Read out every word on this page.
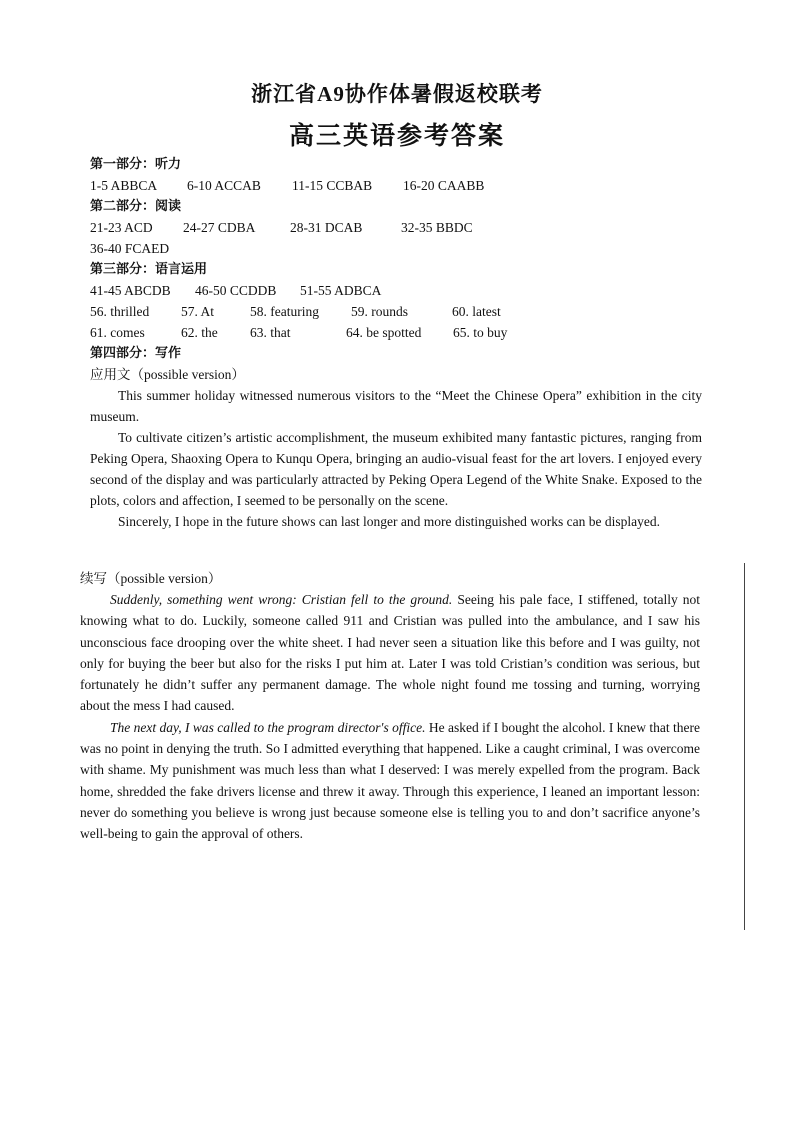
浙江省A9协作体暑假返校联考
高三英语参考答案
第一部分：听力
1-5 ABBCA 6-10 ACCAB 11-15 CCBAB 16-20 CAABB
第二部分：阅读
21-23 ACD 24-27 CDBA	28-31 DCAB	32-35 BBDC
36-40 FCAED
第三部分：语言运用
41-45 ABCDB 46-50 CCDDB 51-55 ADBCA
56. thrilled 57. At	58. featuring 59. rounds	60. latest
61. comes	62. the 63. that	64. be spotted 65. to buy
第四部分：写作
应用文（possible version）

This summer holiday witnessed numerous visitors to the “Meet the Chinese Opera” exhibition in the city museum.

To cultivate citizen’s artistic accomplishment, the museum exhibited many fantastic pictures, ranging from Peking Opera, Shaoxing Opera to Kunqu Opera, bringing an audio-visual feast for the art lovers. I enjoyed every second of the display and was particularly attracted by Peking Opera Legend of the White Snake. Exposed to the plots, colors and affection, I seemed to be personally on the scene.

Sincerely, I hope in the future shows can last longer and more distinguished works can be displayed.

续写（possible version）

Suddenly, something went wrong: Cristian fell to the ground. Seeing his pale face, I stiffened, totally not knowing what to do. Luckily, someone called 911 and Cristian was pulled into the ambulance, and I saw his unconscious face drooping over the white sheet. I had never seen a situation like this before and I was guilty, not only for buying the beer but also for the risks I put him at. Later I was told Cristian’s condition was serious, but fortunately he didn’t suffer any permanent damage. The whole night found me tossing and turning, worrying about the mess I had caused.

The next day, I was called to the program director's office. He asked if I bought the alcohol. I knew that there was no point in denying the truth. So I admitted everything that happened. Like a caught criminal, I was overcome with shame. My punishment was much less than what I deserved: I was merely expelled from the program. Back home, shredded the fake drivers license and threw it away. Through this experience, I leaned an important lesson: never do something you believe is wrong just because someone else is telling you to and don’t sacrifice anyone’s well-being to gain the approval of others.
